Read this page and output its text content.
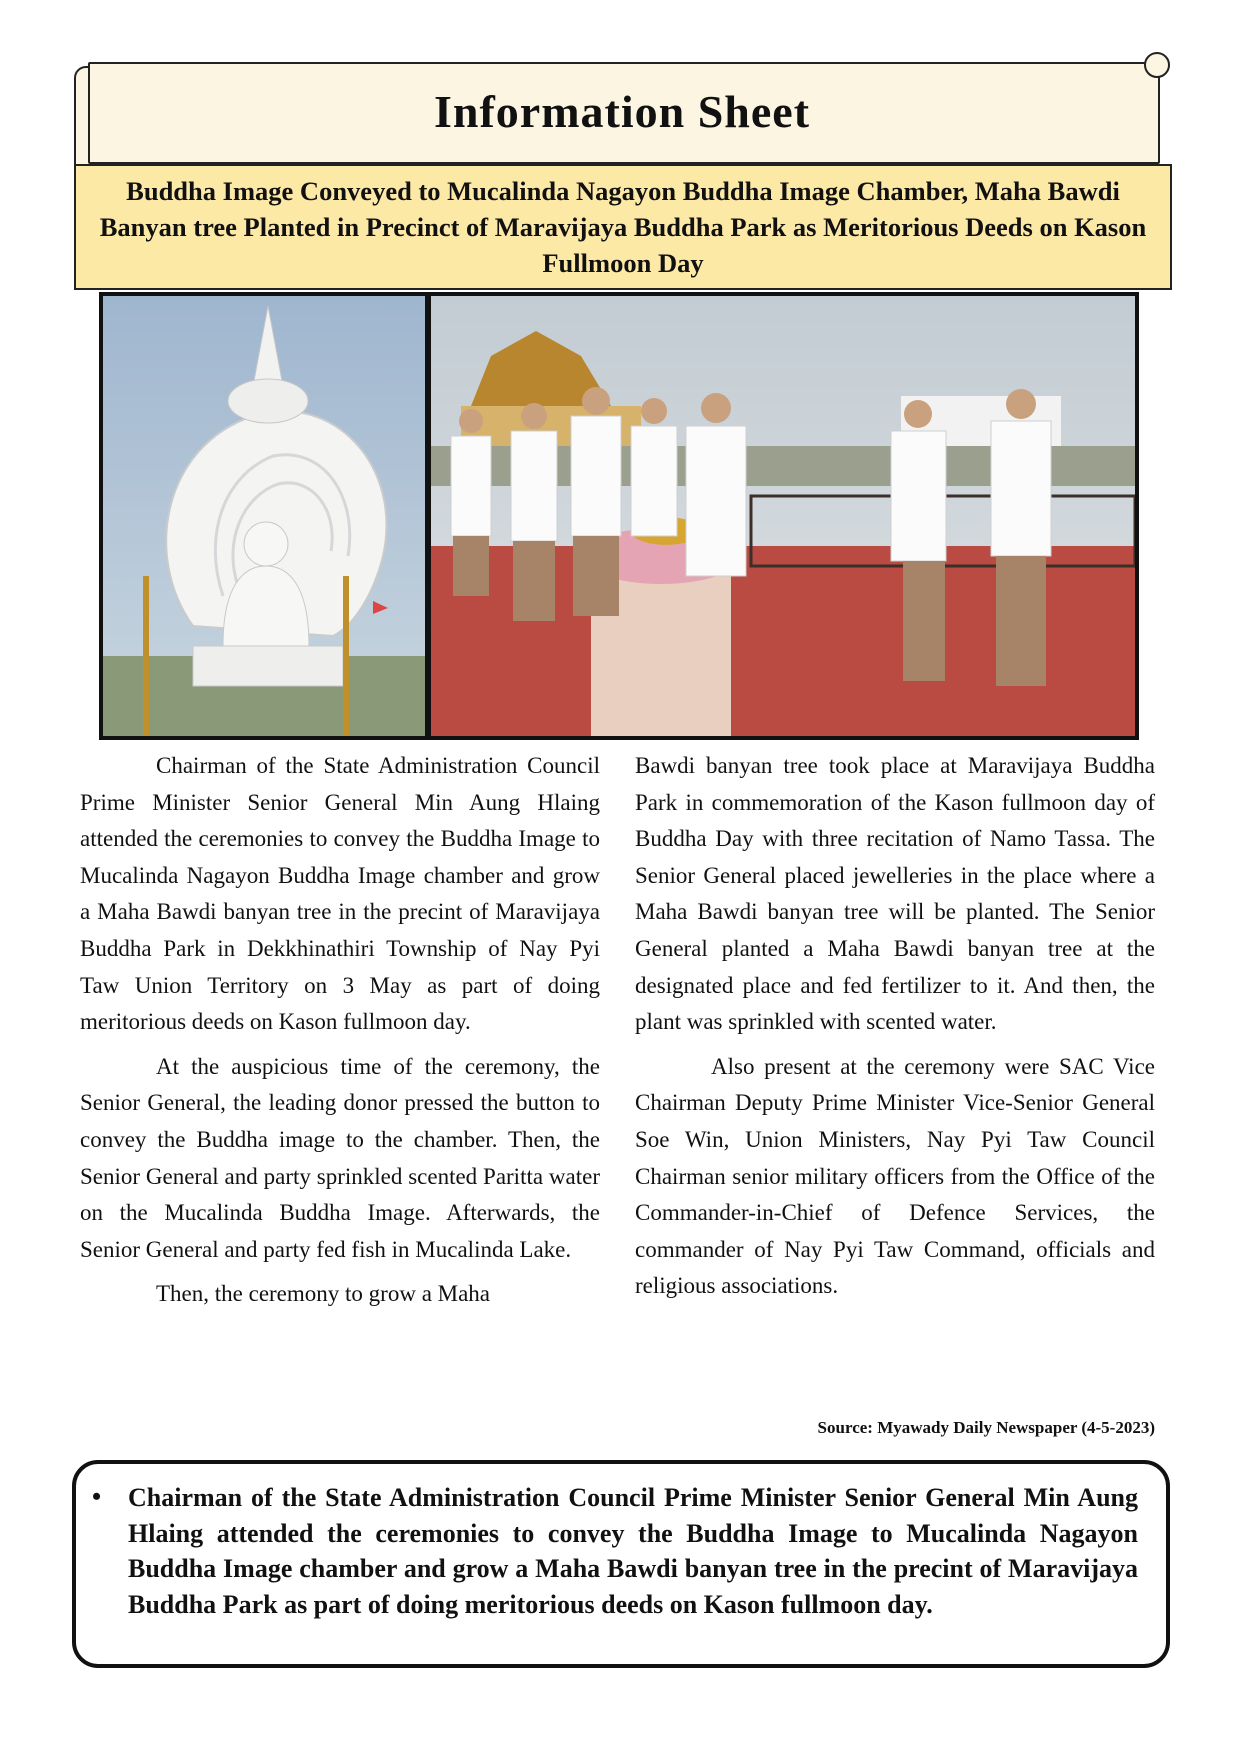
Information Sheet
Buddha Image Conveyed to Mucalinda Nagayon Buddha Image Chamber, Maha Bawdi Banyan tree Planted in Precinct of Maravijaya Buddha Park as Meritorious Deeds on Kason Fullmoon Day

Chairman of the State Administration Council Prime Minister Senior General Min Aung Hlaing attended the ceremonies to convey the Buddha Image to Mucalinda Nagayon Buddha Image chamber and grow a Maha Bawdi banyan tree in the precint of Maravijaya Buddha Park in Dekkhinathiri Township of Nay Pyi Taw Union Territory on 3 May as part of doing meritorious deeds on Kason fullmoon day.

At the auspicious time of the ceremony, the Senior General, the leading donor pressed the button to convey the Buddha image to the chamber. Then, the Senior General and party sprinkled scented Paritta water on the Mucalinda Buddha Image. Afterwards, the Senior General and party fed fish in Mucalinda Lake.

Then, the ceremony to grow a Maha

Bawdi banyan tree took place at Maravijaya Buddha Park in commemoration of the Kason fullmoon day of Buddha Day with three recitation of Namo Tassa. The Senior General placed jewelleries in the place where a Maha Bawdi banyan tree will be planted. The Senior General planted a Maha Bawdi banyan tree at the designated place and fed fertilizer to it. And then, the plant was sprinkled with scented water.

Also present at the ceremony were SAC Vice Chairman Deputy Prime Minister Vice-Senior General Soe Win, Union Ministers, Nay Pyi Taw Council Chairman senior military officers from the Office of the Commander-in-Chief of Defence Services, the commander of Nay Pyi Taw Command, officials and religious associations.

Source: Myawady Daily Newspaper (4-5-2023)
• Chairman of the State Administration Council Prime Minister Senior General Min Aung Hlaing attended the ceremonies to convey the Buddha Image to Mucalinda Nagayon Buddha Image chamber and grow a Maha Bawdi banyan tree in the precint of Maravijaya Buddha Park as part of doing meritorious deeds on Kason fullmoon day.
